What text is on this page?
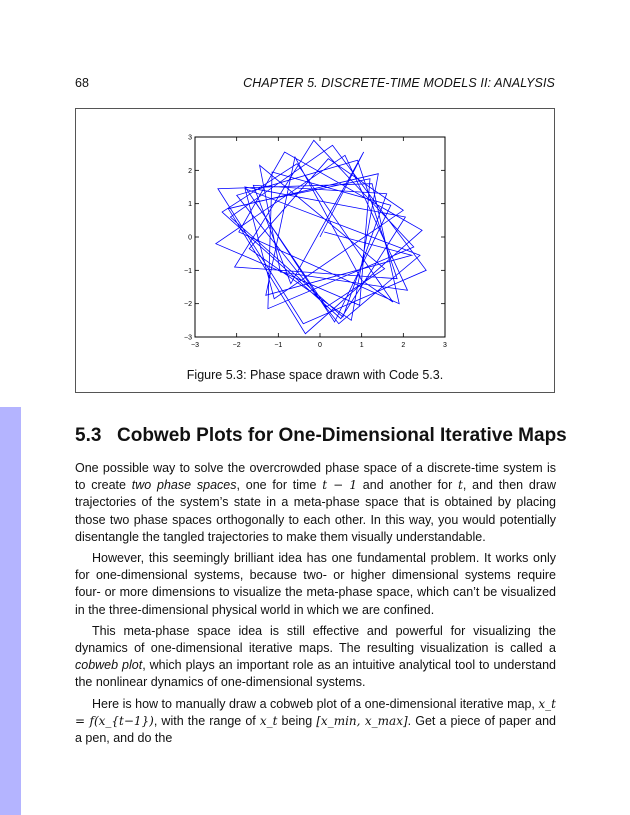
68	CHAPTER 5. DISCRETE-TIME MODELS II: ANALYSIS
−3	−2	−1	0	1	2	3
3
2
1
0
−1
−2
−3
Figure 5.3: Phase space drawn with Code 5.3.
5.3 Cobweb Plots for One-Dimensional Iterative Maps

One possible way to solve the overcrowded phase space of a discrete-time system is to create two phase spaces, one for time t − 1 and another for t, and then draw trajectories of the system’s state in a meta-phase space that is obtained by placing those two phase spaces orthogonally to each other. In this way, you would potentially disentangle the tangled trajectories to make them visually understandable.

However, this seemingly brilliant idea has one fundamental problem. It works only for one-dimensional systems, because two- or higher dimensional systems require four- or more dimensions to visualize the meta-phase space, which can’t be visualized in the three-dimensional physical world in which we are confined.

This meta-phase space idea is still effective and powerful for visualizing the dynamics of one-dimensional iterative maps. The resulting visualization is called a cobweb plot, which plays an important role as an intuitive analytical tool to understand the nonlinear dynamics of one-dimensional systems.

Here is how to manually draw a cobweb plot of a one-dimensional iterative map, x_t = f(x_{t−1}), with the range of x_t being [x_min, x_max]. Get a piece of paper and a pen, and do the
